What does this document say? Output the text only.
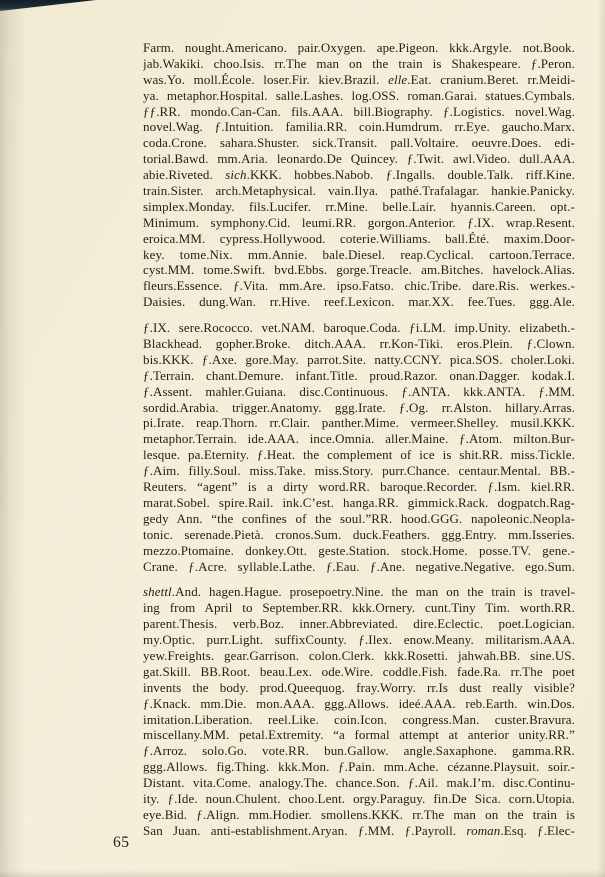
Farm. nought.Americano. pair.Oxygen. ape.Pigeon. kkk.Argyle. not.Book.
jab.Wakiki. choo.Isis. rr.The man on the train is Shakespeare. ƒ.Peron.
was.Yo. moll.École. loser.Fir. kiev.Brazil. elle.Eat. cranium.Beret. rr.Meidi-
ya. metaphor.Hospital. salle.Lashes. log.OSS. roman.Garai. statues.Cymbals.
ƒƒ.RR. mondo.Can-Can. fils.AAA. bill.Biography. ƒ.Logistics. novel.Wag.
novel.Wag. ƒ.Intuition. familia.RR. coin.Humdrum. rr.Eye. gaucho.Marx.
coda.Crone. sahara.Shuster. sick.Transit. pall.Voltaire. oeuvre.Does. edi-
torial.Bawd. mm.Aria. leonardo.De Quincey. ƒ.Twit. awl.Video. dull.AAA.
abie.Riveted. sich.KKK. hobbes.Nabob. ƒ.Ingalls. double.Talk. riff.Kine.
train.Sister. arch.Metaphysical. vain.Ilya. pathé.Trafalagar. hankie.Panicky.
simplex.Monday. fils.Lucifer. rr.Mine. belle.Lair. hyannis.Careen. opt.-
Minimum. symphony.Cid. leumi.RR. gorgon.Anterior. ƒ.IX. wrap.Resent.
eroica.MM. cypress.Hollywood. coterie.Williams. ball.Été. maxim.Door-
key. tome.Nix. mm.Annie. bale.Diesel. reap.Cyclical. cartoon.Terrace.
cyst.MM. tome.Swift. bvd.Ebbs. gorge.Treacle. am.Bitches. havelock.Alias.
fleurs.Essence. ƒ.Vita. mm.Are. ipso.Fatso. chic.Tribe. dare.Ris. werkes.-
Daisies. dung.Wan. rr.Hive. reef.Lexicon. mar.XX. fee.Tues. ggg.Ale.
ƒ.IX. sere.Rococco. vet.NAM. baroque.Coda. ƒi.LM. imp.Unity. elizabeth.-
Blackhead. gopher.Broke. ditch.AAA. rr.Kon-Tiki. eros.Plein. ƒ.Clown.
bis.KKK. ƒ.Axe. gore.May. parrot.Site. natty.CCNY. pica.SOS. choler.Loki.
ƒ.Terrain. chant.Demure. infant.Title. proud.Razor. onan.Dagger. kodak.I.
ƒ.Assent. mahler.Guiana. disc.Continuous. ƒ.ANTA. kkk.ANTA. ƒ.MM.
sordid.Arabia. trigger.Anatomy. ggg.Irate. ƒ.Og. rr.Alston. hillary.Arras.
pi.Irate. reap.Thorn. rr.Clair. panther.Mime. vermeer.Shelley. musil.KKK.
metaphor.Terrain. ide.AAA. ince.Omnia. aller.Maine. ƒ.Atom. milton.Bur-
lesque. pa.Eternity. ƒ.Heat. the complement of ice is shit.RR. miss.Tickle.
ƒ.Aim. filly.Soul. miss.Take. miss.Story. purr.Chance. centaur.Mental. BB.-
Reuters. “agent” is a dirty word.RR. baroque.Recorder. ƒ.Ism. kiel.RR.
marat.Sobel. spire.Rail. ink.C’est. hanga.RR. gimmick.Rack. dogpatch.Rag-
gedy Ann. “the confines of the soul.”RR. hood.GGG. napoleonic.Neopla-
tonic. serenade.Pietà. cronos.Sum. duck.Feathers. ggg.Entry. mm.Isseries.
mezzo.Ptomaine. donkey.Ott. geste.Station. stock.Home. posse.TV. gene.-
Crane. ƒ.Acre. syllable.Lathe. ƒ.Eau. ƒ.Ane. negative.Negative. ego.Sum.
shettl.And. hagen.Hague. prosepoetry.Nine. the man on the train is travel-
ing from April to September.RR. kkk.Ornery. cunt.Tiny Tim. worth.RR.
parent.Thesis. verb.Boz. inner.Abbreviated. dire.Eclectic. poet.Logician.
my.Optic. purr.Light. suffixCounty. ƒ.Ilex. enow.Meany. militarism.AAA.
yew.Freights. gear.Garrison. colon.Clerk. kkk.Rosetti. jahwah.BB. sine.US.
gat.Skill. BB.Root. beau.Lex. ode.Wire. coddle.Fish. fade.Ra. rr.The poet
invents the body. prod.Queequog. fray.Worry. rr.Is dust really visible?
ƒ.Knack. mm.Die. mon.AAA. ggg.Allows. ideé.AAA. reb.Earth. win.Dos.
imitation.Liberation. reel.Like. coin.Icon. congress.Man. custer.Bravura.
miscellany.MM. petal.Extremity. “a formal attempt at anterior unity.RR.”
ƒ.Arroz. solo.Go. vote.RR. bun.Gallow. angle.Saxaphone. gamma.RR.
ggg.Allows. fig.Thing. kkk.Mon. ƒ.Pain. mm.Ache. cézanne.Playsuit. soir.-
Distant. vita.Come. analogy.The. chance.Son. ƒ.Ail. mak.I’m. disc.Continu-
ity. ƒ.Ide. noun.Chulent. choo.Lent. orgy.Paraguy. fin.De Sica. corn.Utopia.
eye.Bid. ƒ.Align. mm.Hodier. smollens.KKK. rr.The man on the train is
San Juan. anti-establishment.Aryan. ƒ.MM. ƒ.Payroll. roman.Esq. ƒ.Elec-
65
